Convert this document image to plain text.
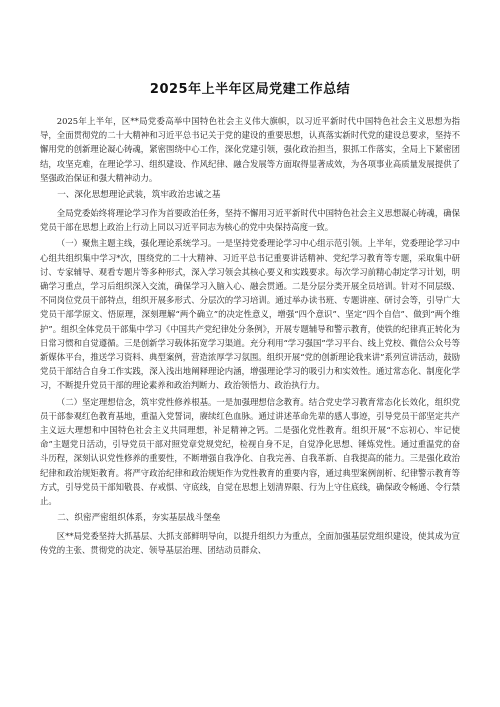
2025年上半年区局党建工作总结

2025年上半年，区**局党委高举中国特色社会主义伟大旗帜，以习近平新时代中国特色社会主义思想为指导，全面贯彻党的二十大精神和习近平总书记关于党的建设的重要思想，认真落实新时代党的建设总要求，坚持不懈用党的创新理论凝心铸魂，紧密围绕中心工作，深化党建引领，强化政治担当，狠抓工作落实，全局上下紧密团结，攻坚克难，在理论学习、组织建设、作风纪律、融合发展等方面取得显著成效，为各项事业高质量发展提供了坚强政治保证和强大精神动力。

一、深化思想理论武装，筑牢政治忠诚之基

全局党委始终将理论学习作为首要政治任务，坚持不懈用习近平新时代中国特色社会主义思想凝心铸魂，确保党员干部在思想上政治上行动上同以习近平同志为核心的党中央保持高度一致。

（一）聚焦主题主线，强化理论系统学习。一是坚持党委理论学习中心组示范引领。上半年，党委理论学习中心组共组织集中学习*次，围绕党的二十大精神、习近平总书记重要讲话精神、党纪学习教育等专题，采取集中研讨、专家辅导、观看专题片等多种形式，深入学习领会其核心要义和实践要求。每次学习前精心制定学习计划，明确学习重点，学习后组织深入交流，确保学习入脑入心、融会贯通。二是分层分类开展全员培训。针对不同层级、不同岗位党员干部特点，组织开展多形式、分层次的学习培训。通过举办读书班、专题讲座、研讨会等，引导广大党员干部学原文、悟原理，深刻理解“两个确立”的决定性意义，增强“四个意识”、坚定“四个自信”、做到“两个维护”。组织全体党员干部集中学习《中国共产党纪律处分条例》，开展专题辅导和警示教育，使铁的纪律真正转化为日常习惯和自觉遵循。三是创新学习载体拓宽学习渠道。充分利用“学习强国”学习平台、线上党校、微信公众号等新媒体平台，推送学习资料、典型案例，营造浓厚学习氛围。组织开展“党的创新理论我来讲”系列宣讲活动，鼓励党员干部结合自身工作实践，深入浅出地阐释理论内涵，增强理论学习的吸引力和实效性。通过常态化、制度化学习，不断提升党员干部的理论素养和政治判断力、政治领悟力、政治执行力。

（二）坚定理想信念，筑牢党性修养根基。一是加强理想信念教育。结合党史学习教育常态化长效化，组织党员干部参观红色教育基地，重温入党誓词，赓续红色血脉。通过讲述革命先辈的感人事迹，引导党员干部坚定共产主义远大理想和中国特色社会主义共同理想，补足精神之钙。二是强化党性教育。组织开展“不忘初心、牢记使命”主题党日活动，引导党员干部对照党章党规党纪，检视自身不足，自觉净化思想、锤炼党性。通过重温党的奋斗历程，深刻认识党性修养的重要性，不断增强自我净化、自我完善、自我革新、自我提高的能力。三是强化政治纪律和政治规矩教育。将严守政治纪律和政治规矩作为党性教育的重要内容，通过典型案例剖析、纪律警示教育等方式，引导党员干部知敬畏、存戒惧、守底线，自觉在思想上划清界限、行为上守住底线，确保政令畅通、令行禁止。

二、织密严密组织体系，夯实基层战斗堡垒

区**局党委坚持大抓基层、大抓支部鲜明导向，以提升组织力为重点，全面加强基层党组织建设，使其成为宣传党的主张、贯彻党的决定、领导基层治理、团结动员群众、
